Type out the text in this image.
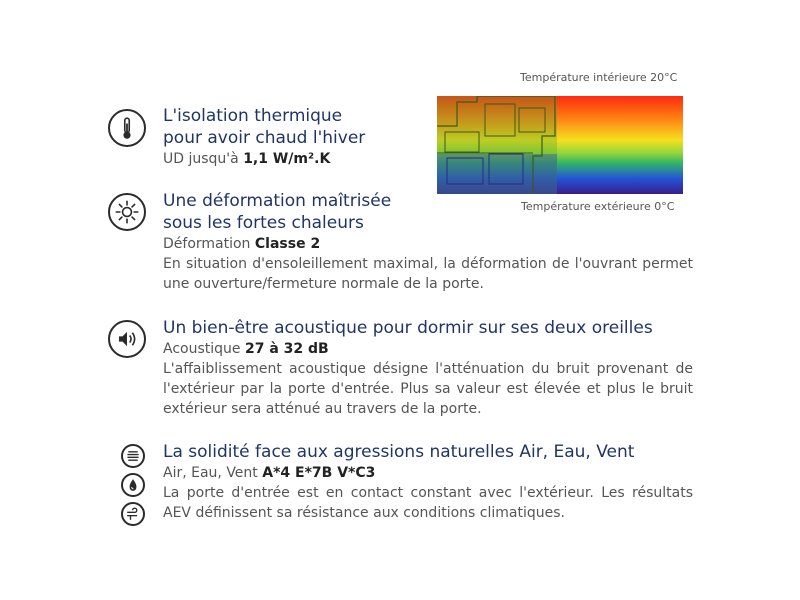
Température intérieure 20°C
Température extérieure 0°C
L'isolation thermique
pour avoir chaud l'hiver
UD jusqu'à 1,1 W/m².K
Une déformation maîtrisée
sous les fortes chaleurs
Déformation Classe 2
En situation d'ensoleillement maximal, la déformation de l'ouvrant permet une ouverture/fermeture normale de la porte.
Un bien-être acoustique pour dormir sur ses deux oreilles
Acoustique 27 à 32 dB
L'affaiblissement acoustique désigne l'atténuation du bruit provenant de l'extérieur par la porte d'entrée. Plus sa valeur est élevée et plus le bruit extérieur sera atténué au travers de la porte.
La solidité face aux agressions naturelles Air, Eau, Vent
Air, Eau, Vent A*4 E*7B V*C3
La porte d'entrée est en contact constant avec l'extérieur. Les résultats AEV définissent sa résistance aux conditions climatiques.
